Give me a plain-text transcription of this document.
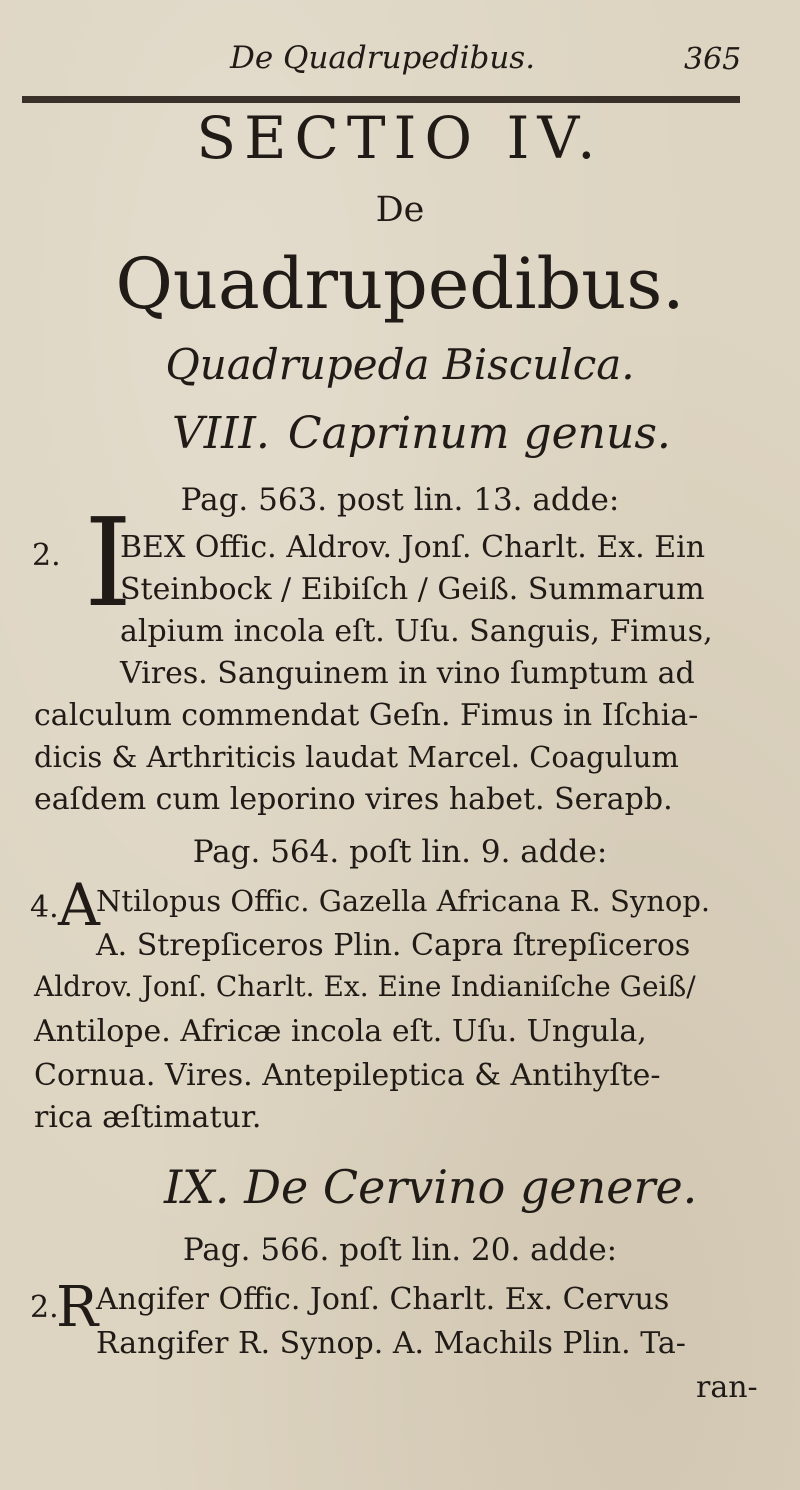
De Quadrupedibus.	365
SECTIO IV.
De
Quadrupedibus.
Quadrupeda Bisculca.
VIII. Caprinum genus.
Pag. 563. post lin. 13. adde:
2. I
BEX Offic. Aldrov. Jonſ. Charlt. Ex. Ein
Steinbock / Eibiſch / Geiß. Summarum
alpium incola eſt. Uſu. Sanguis, Fimus,
Vires. Sanguinem in vino ſumptum ad
calculum commendat Geſn. Fimus in Iſchia-
dicis & Arthriticis laudat Marcel. Coagulum
eaſdem cum leporino vires habet. Serapb.
Pag. 564. poſt lin. 9. adde:
4. A
Ntilopus Offic. Gazella Africana R. Synop.
A. Strepſiceros Plin. Capra ſtrepſiceros
Aldrov. Jonſ. Charlt. Ex. Eine Indianiſche Geiß/
Antilope. Africæ incola eſt. Uſu. Ungula,
Cornua. Vires. Antepileptica & Antihyſte-
rica æſtimatur.
IX. De Cervino genere.
Pag. 566. poſt lin. 20. adde:
2.
R
Angifer Offic. Jonſ. Charlt. Ex. Cervus
Rangifer R. Synop. A. Machils Plin. Ta-
ran-
